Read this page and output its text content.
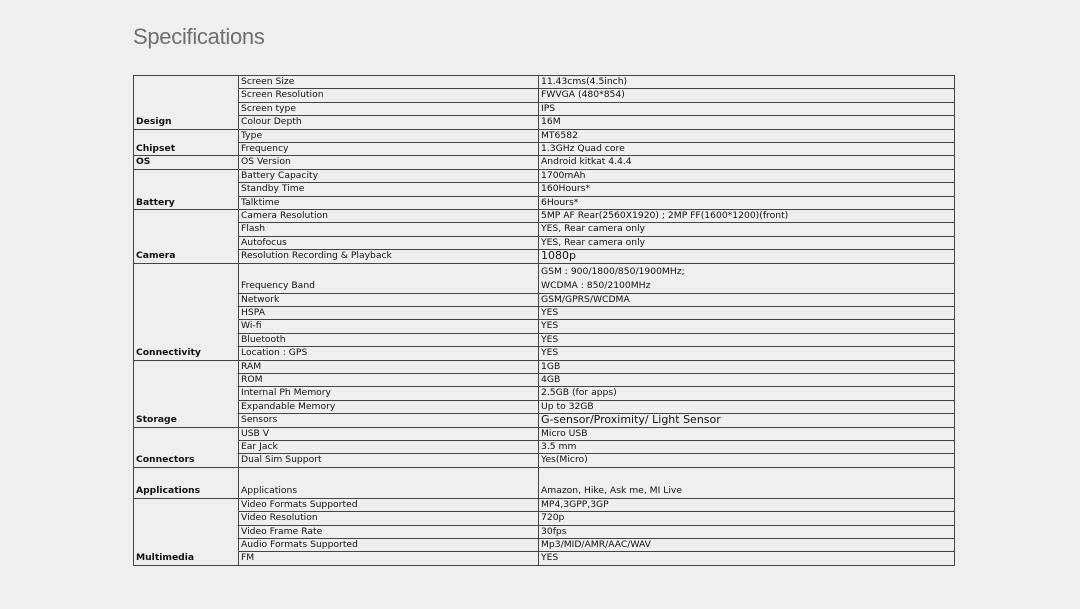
Specifications
Design	Screen Size	11.43cms(4.5inch)
	Screen Resolution	FWVGA (480*854)
	Screen type	IPS
	Colour Depth	16M
Chipset	Type	MT6582
	Frequency	1.3GHz Quad core
OS	OS Version	Android kitkat 4.4.4
Battery	Battery Capacity	1700mAh
	Standby Time	160Hours*
	Talktime	6Hours*
Camera	Camera Resolution	5MP AF Rear(2560X1920) ; 2MP FF(1600*1200)(front)
	Flash	YES, Rear camera only
	Autofocus	YES, Rear camera only
	Resolution Recording & Playback	1080p
Connectivity	Frequency Band	GSM : 900/1800/850/1900MHz;
WCDMA : 850/2100MHz

	Network	GSM/GPRS/WCDMA
	HSPA	YES
	Wi-fi	YES
	Bluetooth	YES
	Location : GPS	YES
Storage	RAM	1GB
	ROM	4GB
	Internal Ph Memory	2.5GB (for apps)
	Expandable Memory	Up to 32GB
	Sensors	G-sensor/Proximity/ Light Sensor
Connectors	USB V	Micro USB
	Ear Jack	3.5 mm
	Dual Sim Support	Yes(Micro)
Applications	Applications	Amazon, Hike, Ask me, MI Live
Multimedia	Video Formats Supported	MP4,3GPP,3GP
	Video Resolution	720p
	Video Frame Rate	30fps
	Audio Formats Supported	Mp3/MID/AMR/AAC/WAV
	FM	YES
